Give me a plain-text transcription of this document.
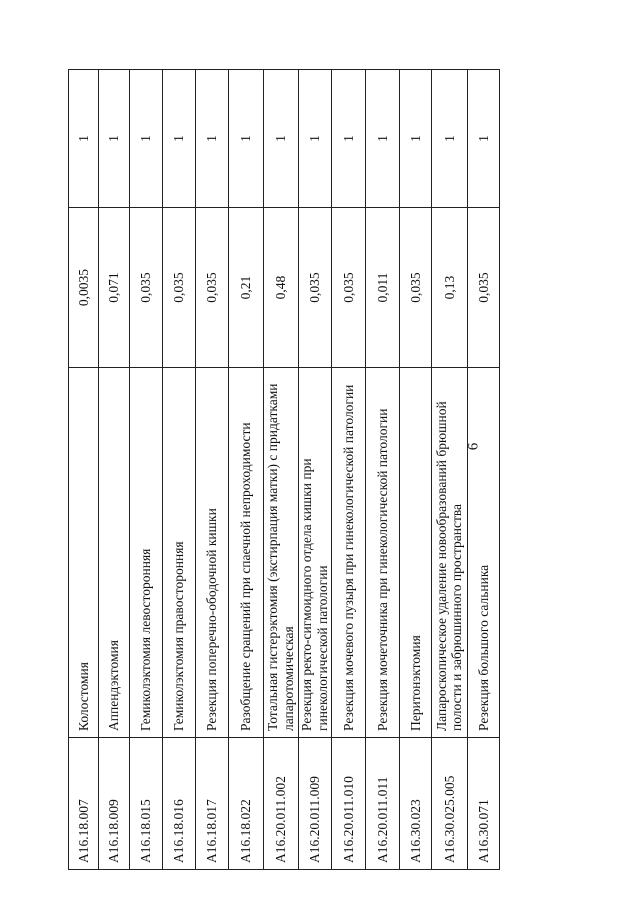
6
A16.18.007	Колостомия	0,0035	1
A16.18.009	Аппендэктомия	0,071	1
A16.18.015	Гемиколэктомия левосторонняя	0,035	1
A16.18.016	Гемиколэктомия правосторонняя	0,035	1
A16.18.017	Резекция поперечно-ободочной кишки	0,035	1
A16.18.022	Разобщение сращений при спаечной непроходимости	0,21	1
A16.20.011.002	Тотальная гистерэктомия (экстирпация матки) с придатками лапаротомическая	0,48	1
A16.20.011.009	Резекция ректо-сигмоидного отдела кишки при гинекологической патологии	0,035	1
A16.20.011.010	Резекция мочевого пузыря при гинекологической патологии	0,035	1
A16.20.011.011	Резекция мочеточника при гинекологической патологии	0,011	1
A16.30.023	Перитонэктомия	0,035	1
A16.30.025.005	Лапароскопическое удаление новообразований брюшной полости и забрюшинного пространства	0,13	1
A16.30.071	Резекция большого сальника	0,035	1
